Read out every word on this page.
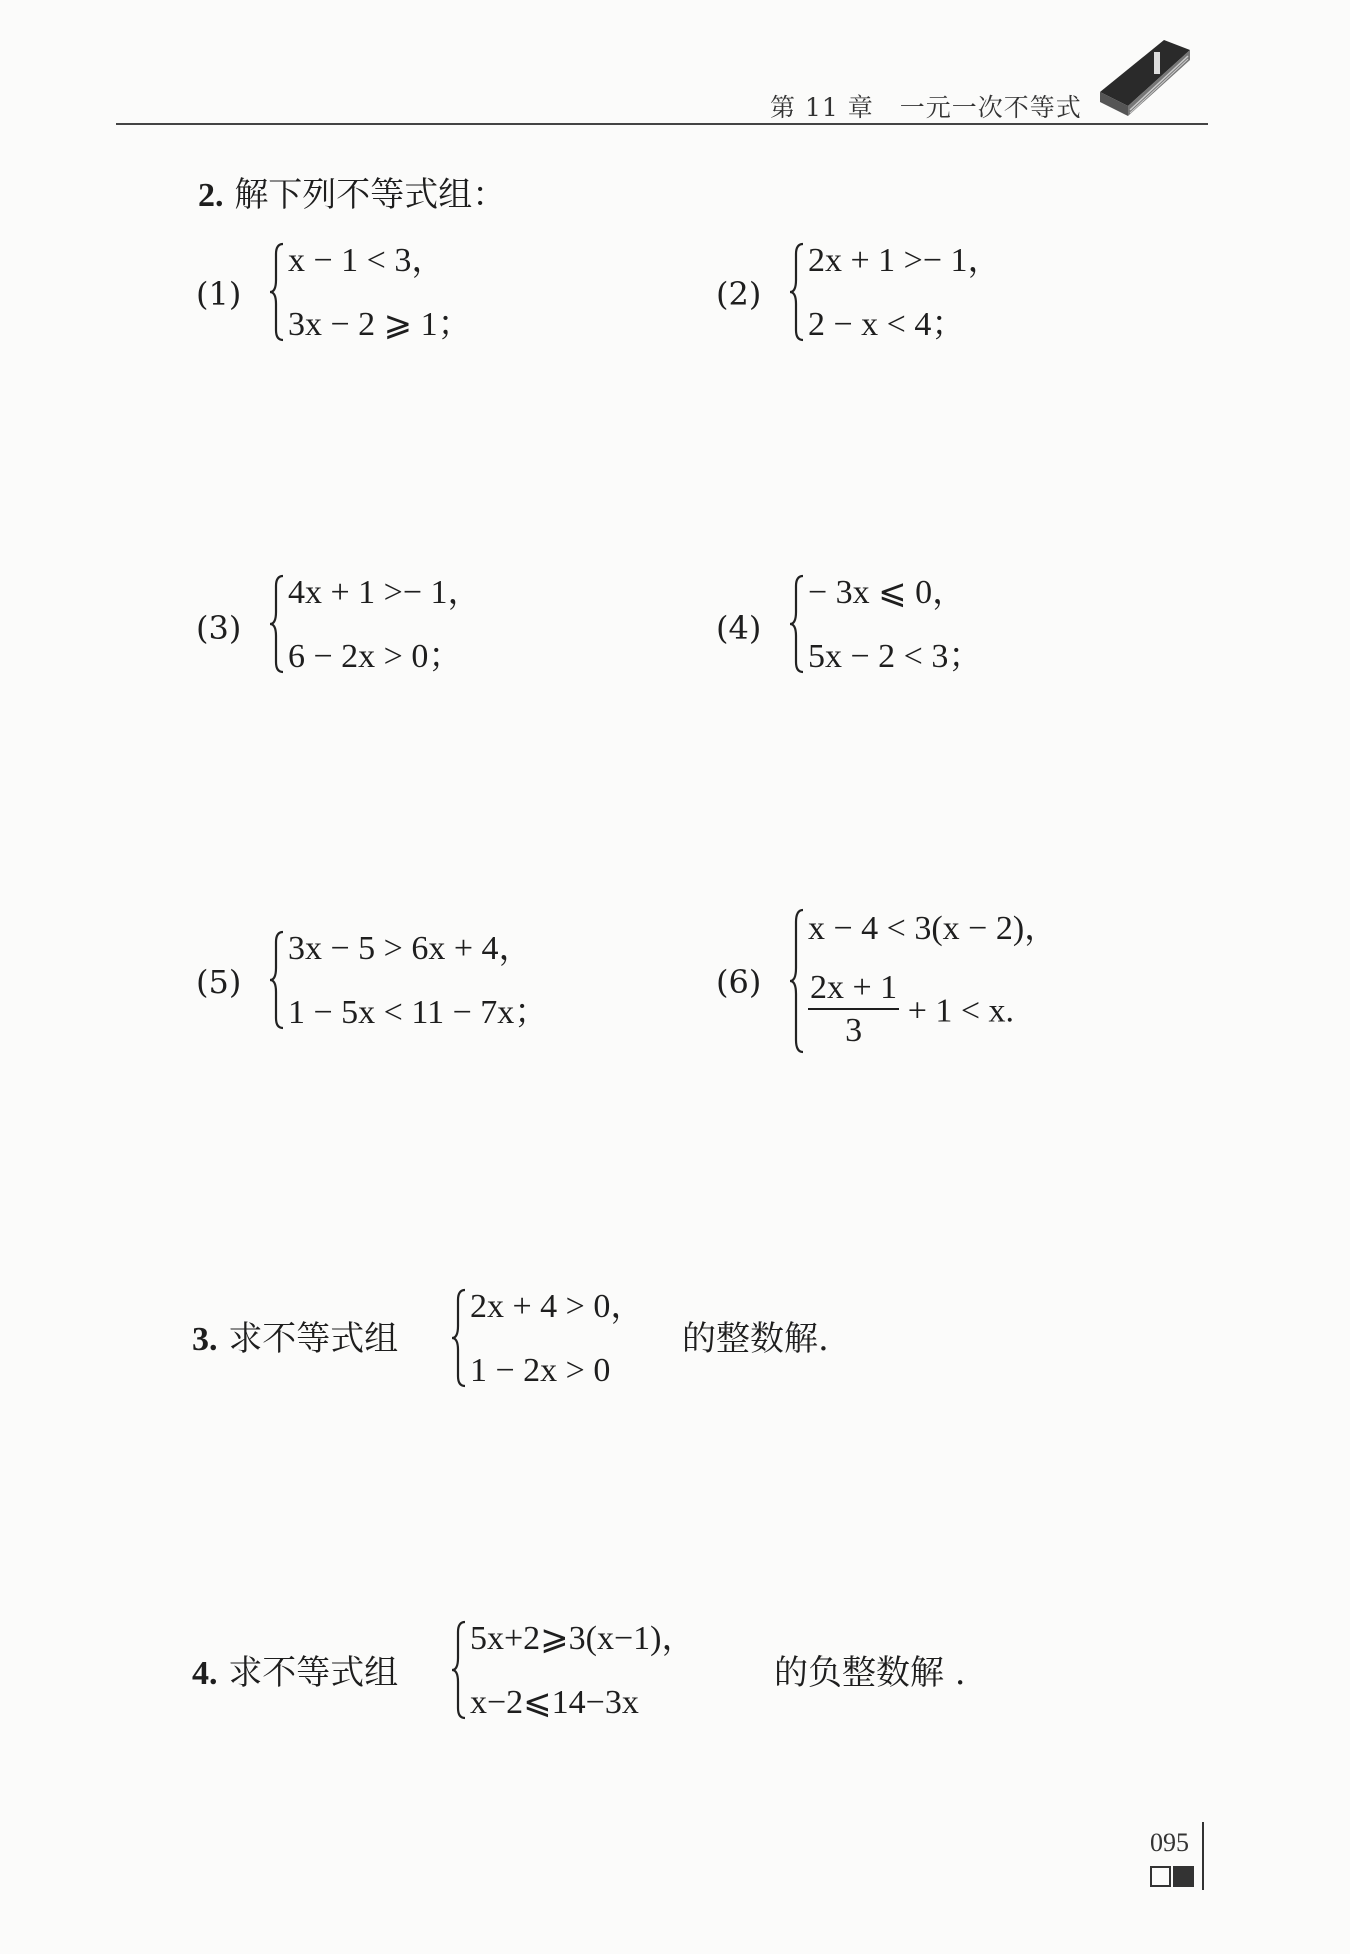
第 11 章　一元一次不等式
2. 解下列不等式组：
(1)
x − 1 < 3，
3x − 2 ⩾ 1；
(2)
2x + 1 >− 1，
2 − x < 4；
(3)
4x + 1 >− 1，
6 − 2x > 0；
(4)
− 3x ⩽ 0，
5x − 2 < 3；
(5)
3x − 5 > 6x + 4，
1 − 5x < 11 − 7x；
(6)
x − 4 < 3(x − 2)，
$\frac{2x + 1}{3} + 1 < x$.
3. 求不等式组
2x + 4 > 0，
1 − 2x > 0
的整数解.
4. 求不等式组
5x+2⩾3(x−1)，
x−2⩽14−3x
的负整数解 .
095
